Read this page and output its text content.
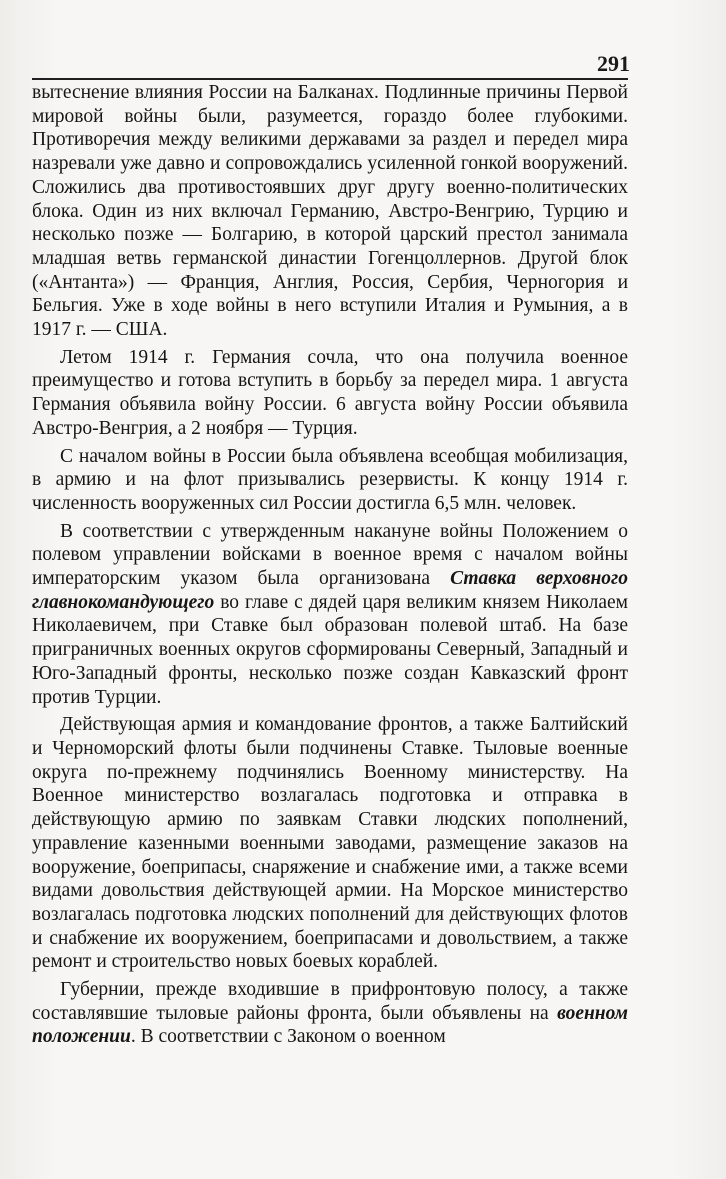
291

вытеснение влияния России на Балканах. Подлинные причины Первой мировой войны были, разумеется, гораздо более глубокими. Противоречия между великими державами за раздел и передел мира назревали уже давно и сопровождались усиленной гонкой вооружений. Сложились два противостоявших друг другу военно-политических блока. Один из них включал Германию, Австро-Венгрию, Турцию и несколько позже — Болгарию, в которой царский престол занимала младшая ветвь германской династии Гогенцоллернов. Другой блок («Антанта») — Франция, Англия, Россия, Сербия, Черногория и Бельгия. Уже в ходе войны в него вступили Италия и Румыния, а в 1917 г. — США.

Летом 1914 г. Германия сочла, что она получила военное преимущество и готова вступить в борьбу за передел мира. 1 августа Германия объявила войну России. 6 августа войну России объявила Австро-Венгрия, а 2 ноября — Турция.

С началом войны в России была объявлена всеобщая мобилизация, в армию и на флот призывались резервисты. К концу 1914 г. численность вооруженных сил России достигла 6,5 млн. человек.

В соответствии с утвержденным накануне войны Положением о полевом управлении войсками в военное время с началом войны императорским указом была организована Ставка верховного главнокомандующего во главе с дядей царя великим князем Николаем Николаевичем, при Ставке был образован полевой штаб. На базе приграничных военных округов сформированы Северный, Западный и Юго-Западный фронты, несколько позже создан Кавказский фронт против Турции.

Действующая армия и командование фронтов, а также Балтийский и Черноморский флоты были подчинены Ставке. Тыловые военные округа по-прежнему подчинялись Военному министерству. На Военное министерство возлагалась подготовка и отправка в действующую армию по заявкам Ставки людских пополнений, управление казенными военными заводами, размещение заказов на вооружение, боеприпасы, снаряжение и снабжение ими, а также всеми видами довольствия действующей армии. На Морское министерство возлагалась подготовка людских пополнений для действующих флотов и снабжение их вооружением, боеприпасами и довольствием, а также ремонт и строительство новых боевых кораблей.

Губернии, прежде входившие в прифронтовую полосу, а также составлявшие тыловые районы фронта, были объявлены на военном положении. В соответствии с Законом о военном
